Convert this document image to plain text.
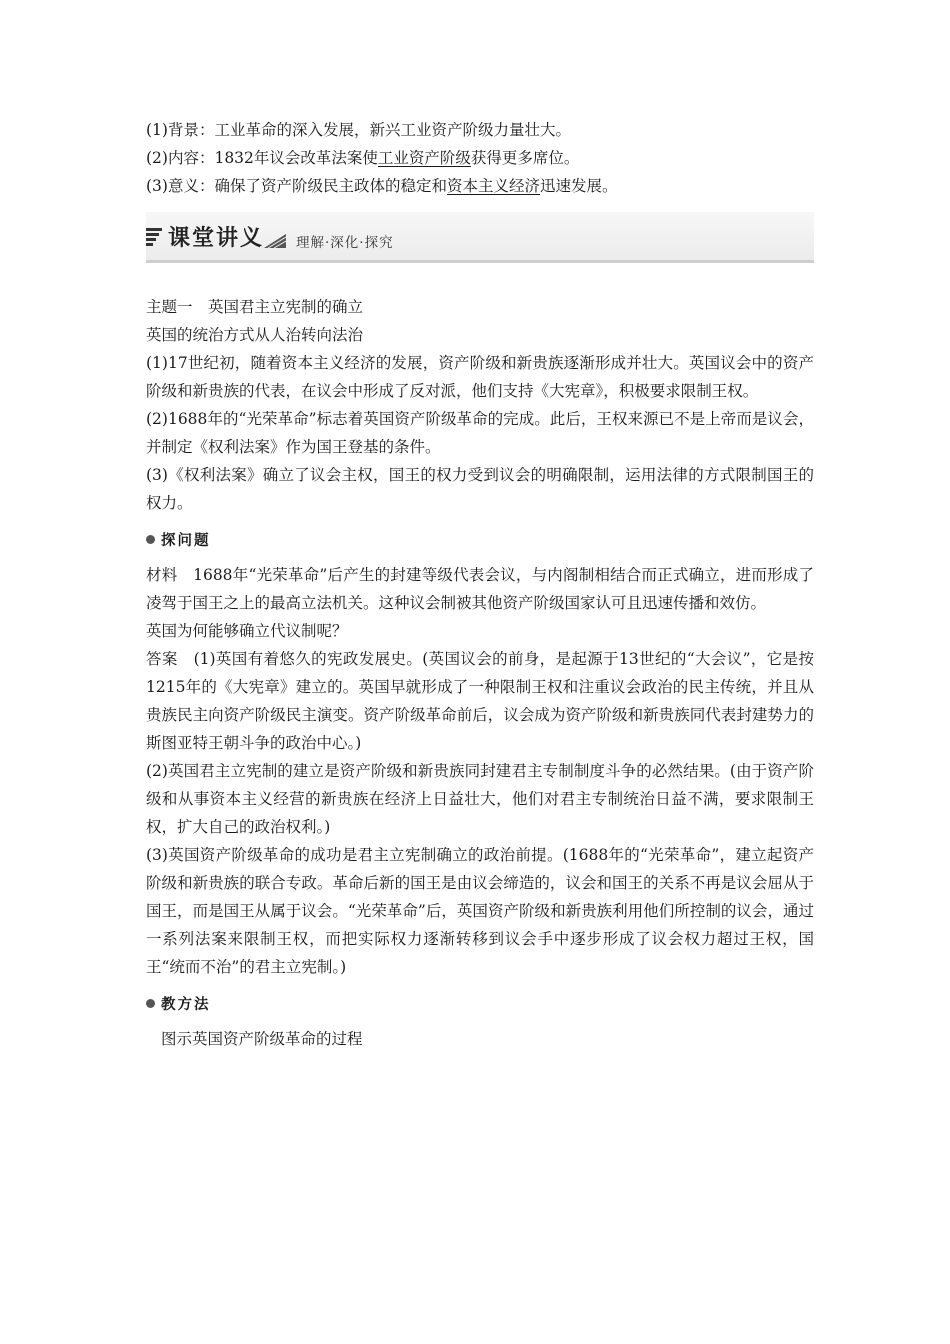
(1)背景：工业革命的深入发展，新兴工业资产阶级力量壮大。

(2)内容：1832年议会改革法案使工业资产阶级获得更多席位。

(3)意义：确保了资产阶级民主政体的稳定和资本主义经济迅速发展。

课堂讲义 理解·深化·探究

主题一　英国君主立宪制的确立

英国的统治方式从人治转向法治

(1)17世纪初，随着资本主义经济的发展，资产阶级和新贵族逐渐形成并壮大。英国议会中的资产阶级和新贵族的代表，在议会中形成了反对派，他们支持《大宪章》，积极要求限制王权。

(2)1688年的“光荣革命”标志着英国资产阶级革命的完成。此后，王权来源已不是上帝而是议会，并制定《权利法案》作为国王登基的条件。

(3)《权利法案》确立了议会主权，国王的权力受到议会的明确限制，运用法律的方式限制国王的权力。

探问题

材料　1688年“光荣革命”后产生的封建等级代表会议，与内阁制相结合而正式确立，进而形成了凌驾于国王之上的最高立法机关。这种议会制被其他资产阶级国家认可且迅速传播和效仿。

英国为何能够确立代议制呢？

答案　(1)英国有着悠久的宪政发展史。(英国议会的前身，是起源于13世纪的“大会议”，它是按1215年的《大宪章》建立的。英国早就形成了一种限制王权和注重议会政治的民主传统，并且从贵族民主向资产阶级民主演变。资产阶级革命前后，议会成为资产阶级和新贵族同代表封建势力的斯图亚特王朝斗争的政治中心。)

(2)英国君主立宪制的建立是资产阶级和新贵族同封建君主专制制度斗争的必然结果。(由于资产阶级和从事资本主义经营的新贵族在经济上日益壮大，他们对君主专制统治日益不满，要求限制王权，扩大自己的政治权利。)

(3)英国资产阶级革命的成功是君主立宪制确立的政治前提。(1688年的“光荣革命”，建立起资产阶级和新贵族的联合专政。革命后新的国王是由议会缔造的，议会和国王的关系不再是议会屈从于国王，而是国王从属于议会。“光荣革命”后，英国资产阶级和新贵族利用他们所控制的议会，通过一系列法案来限制王权，而把实际权力逐渐转移到议会手中逐步形成了议会权力超过王权，国王“统而不治”的君主立宪制。)

教方法

图示英国资产阶级革命的过程
